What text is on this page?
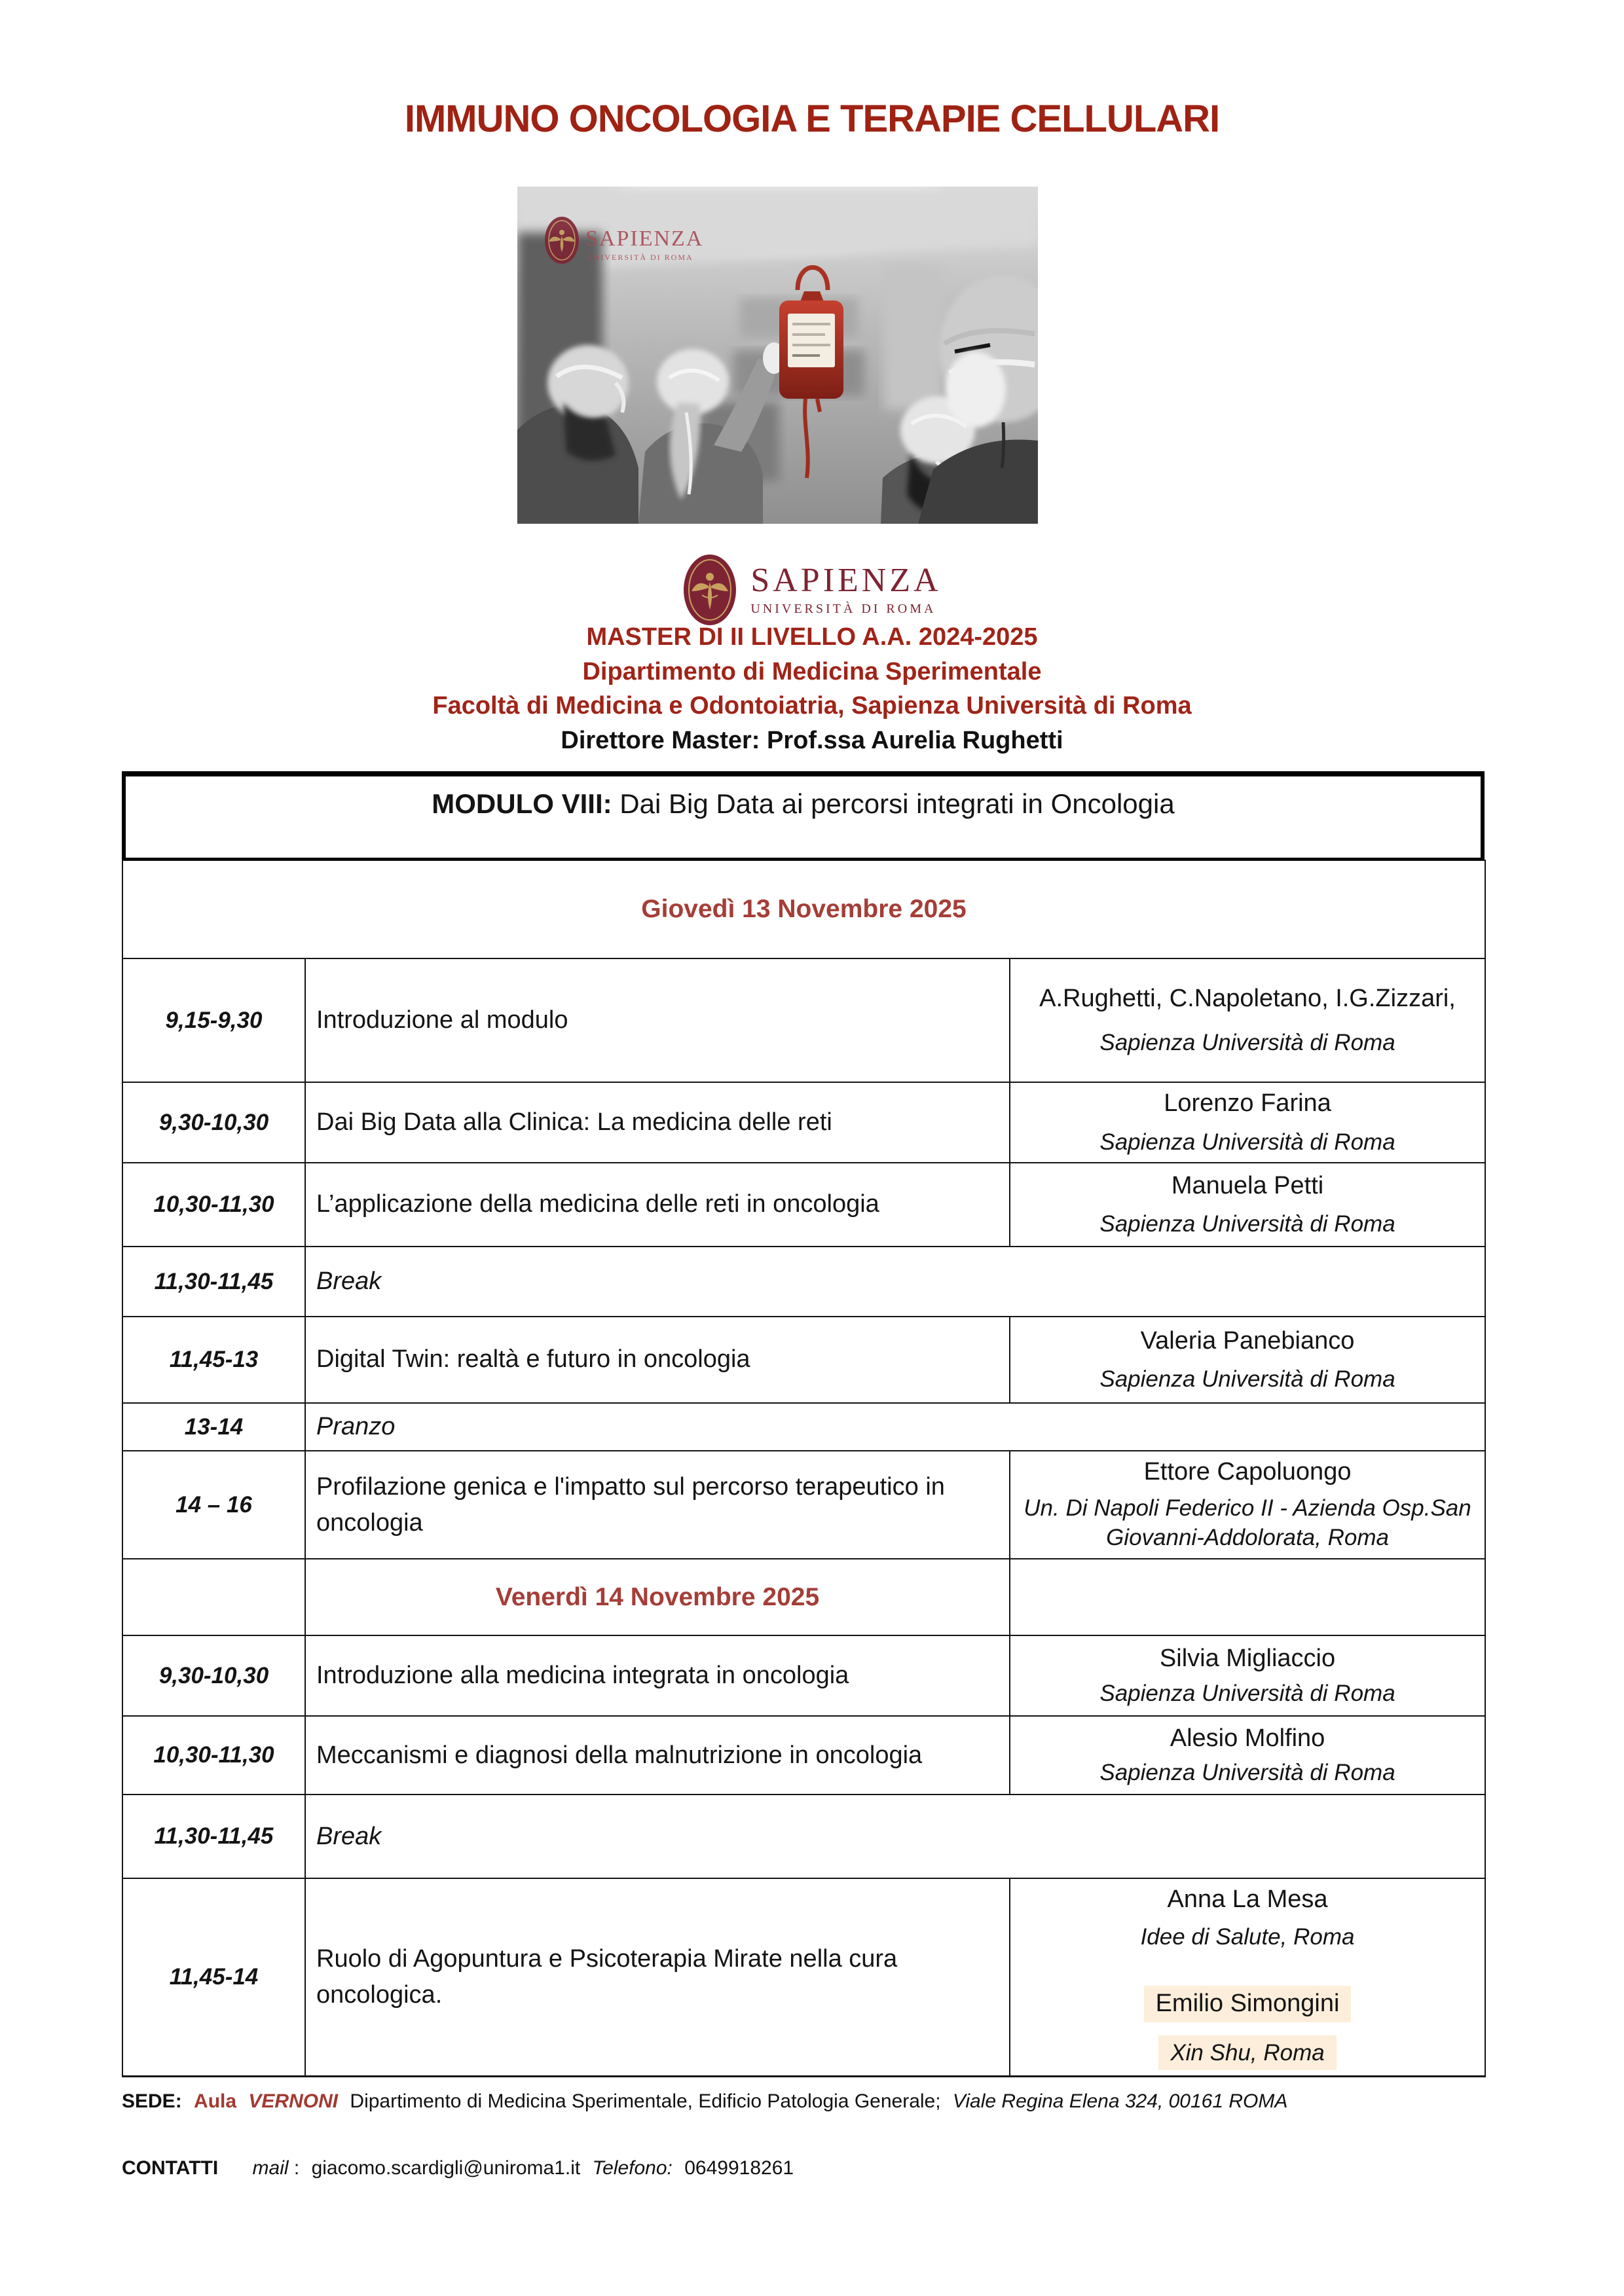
IMMUNO ONCOLOGIA E TERAPIE CELLULARI
SAPIENZA
UNIVERSITÀ DI ROMA
SAPIENZA
UNIVERSITÀ DI ROMA
MASTER DI II LIVELLO A.A. 2024-2025
Dipartimento di Medicina Sperimentale
Facoltà di Medicina e Odontoiatria, Sapienza Università di Roma
Direttore Master: Prof.ssa Aurelia Rughetti
MODULO VIII: Dai Big Data ai percorsi integrati in Oncologia
Giovedì 13 Novembre 2025		
9,15-9,30	Introduzione al modulo	A.Rughetti, C.Napoletano, I.G.Zizzari,
Sapienza Università di Roma

9,30-10,30	Dai Big Data alla Clinica: La medicina delle reti	Lorenzo Farina
Sapienza Università di Roma

10,30-11,30	L’applicazione della medicina delle reti in oncologia	Manuela Petti
Sapienza Università di Roma

11,30-11,45	Break	
11,45-13	Digital Twin: realtà e futuro in oncologia	Valeria Panebianco
Sapienza Università di Roma

13-14	Pranzo	
14 – 16	Profilazione genica e l'impatto sul percorso terapeutico in oncologia	Ettore Capoluongo
Un. Di Napoli Federico II - Azienda Osp.San Giovanni-Addolorata, Roma

	Venerdì 14 Novembre 2025	
9,30-10,30	Introduzione alla medicina integrata in oncologia	Silvia Migliaccio
Sapienza Università di Roma

10,30-11,30	Meccanismi e diagnosi della malnutrizione in oncologia	Alesio Molfino
Sapienza Università di Roma

11,30-11,45	Break	
11,45-14	Ruolo di Agopuntura e Psicoterapia Mirate nella cura oncologica.	Anna La Mesa
Idee di Salute, Roma
Emilio Simongini
Xin Shu, Roma
SEDE: Aula VERNONI Dipartimento di Medicina Sperimentale, Edificio Patologia Generale; Viale Regina Elena 324, 00161 ROMA
CONTATTI mail : giacomo.scardigli@uniroma1.it Telefono: 0649918261
